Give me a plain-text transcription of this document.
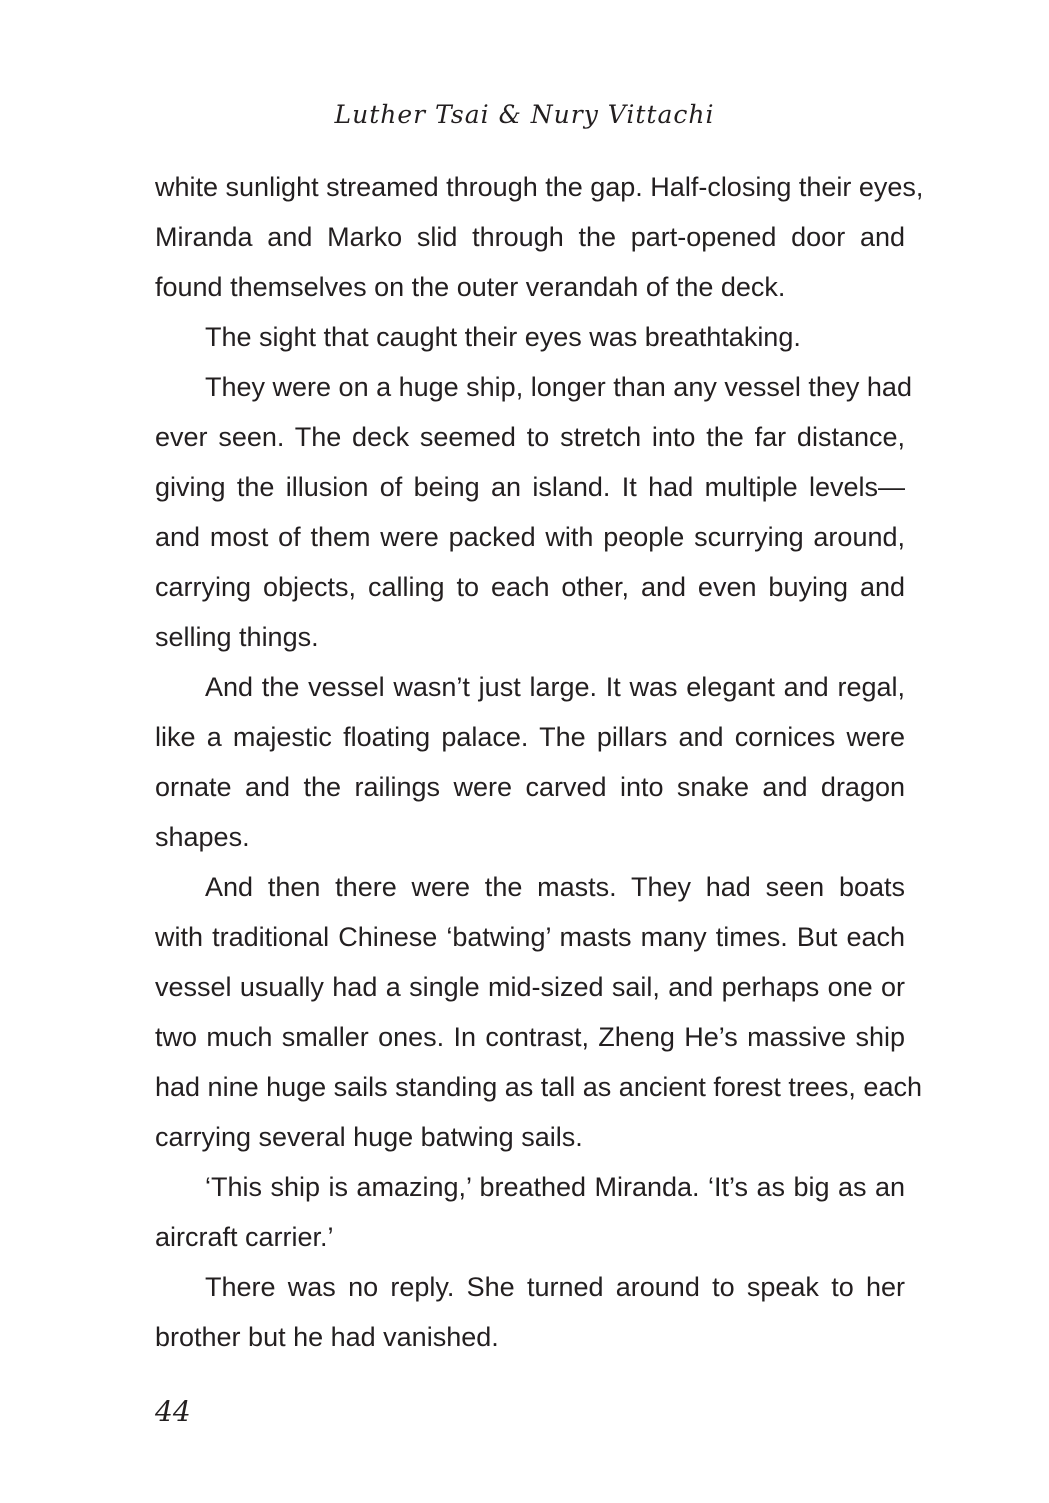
Luther Tsai & Nury Vittachi
white sunlight streamed through the gap. Half-closing their eyes,
Miranda and Marko slid through the part-opened door and
found themselves on the outer verandah of the deck.
The sight that caught their eyes was breathtaking.
They were on a huge ship, longer than any vessel they had
ever seen. The deck seemed to stretch into the far distance,
giving the illusion of being an island. It had multiple levels—
and most of them were packed with people scurrying around,
carrying objects, calling to each other, and even buying and
selling things.
And the vessel wasn’t just large. It was elegant and regal,
like a majestic floating palace. The pillars and cornices were
ornate and the railings were carved into snake and dragon
shapes.
And then there were the masts. They had seen boats
with traditional Chinese ‘batwing’ masts many times. But each
vessel usually had a single mid-sized sail, and perhaps one or
two much smaller ones. In contrast, Zheng He’s massive ship
had nine huge sails standing as tall as ancient forest trees, each
carrying several huge batwing sails.
‘This ship is amazing,’ breathed Miranda. ‘It’s as big as an
aircraft carrier.’
There was no reply. She turned around to speak to her
brother but he had vanished.
44
